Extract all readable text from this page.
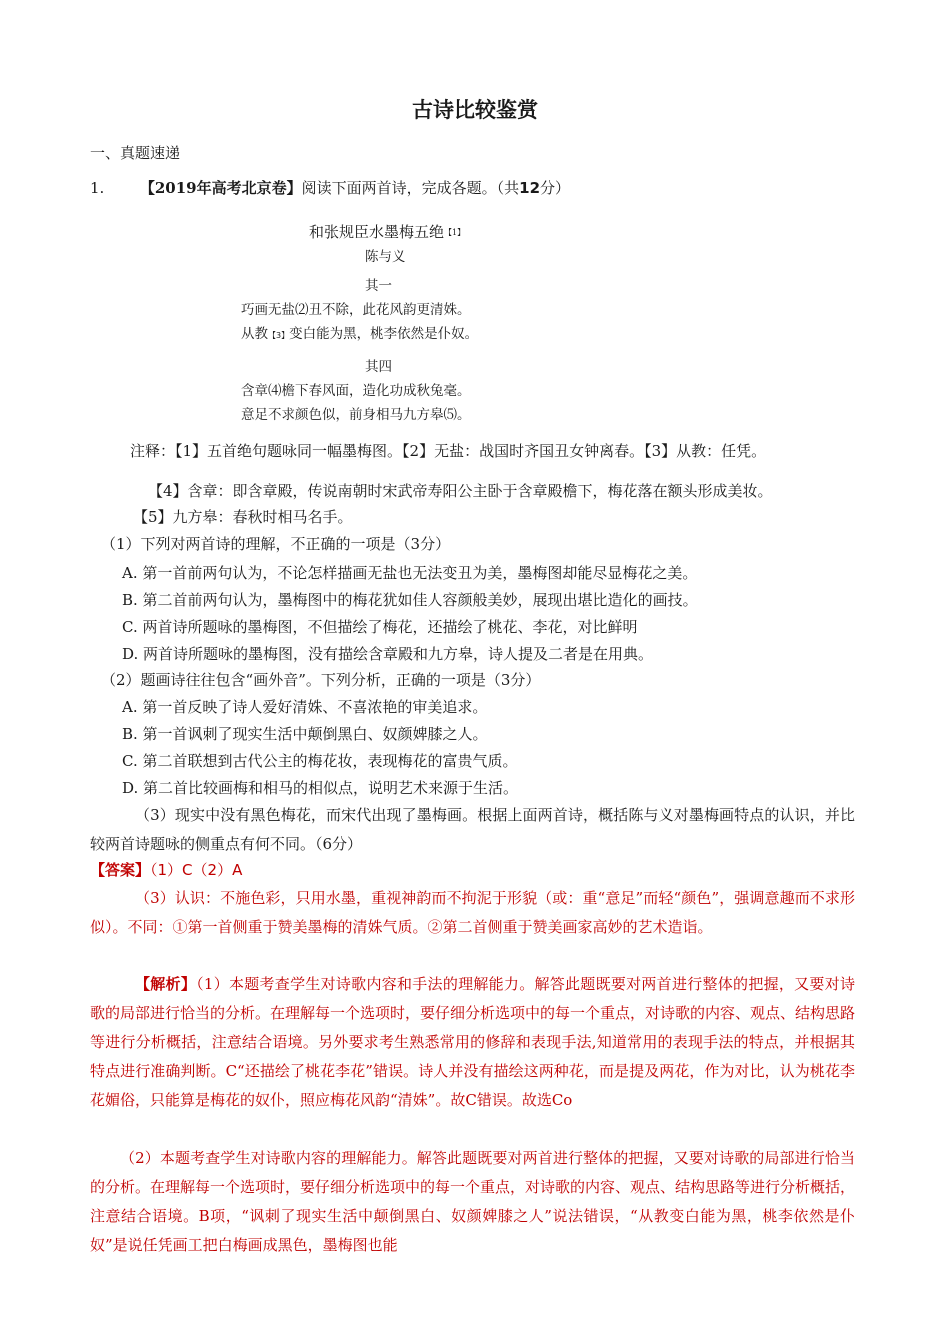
古诗比较鉴赏
一、真题速递
1. 【2019年高考北京卷】阅读下面两首诗，完成各题。（共12分）
和张规臣水墨梅五绝【1】
陈与义
其一
巧画无盐⑵丑不除，此花风韵更清姝。
从教【3】变白能为黑，桃李依然是仆奴。
其四
含章⑷檐下春风面，造化功成秋兔毫。
意足不求颜色似，前身相马九方皋⑸。
注释：【1】五首绝句题咏同一幅墨梅图。【2】无盐：战国时齐国丑女钟离春。【3】从教：任凭。
【4】含章：即含章殿，传说南朝时宋武帝寿阳公主卧于含章殿檐下，梅花落在额头形成美妆。
【5】九方皋：春秋时相马名手。
（1）下列对两首诗的理解，不正确的一项是（3分）
A. 第一首前两句认为，不论怎样描画无盐也无法变丑为美，墨梅图却能尽显梅花之美。
B. 第二首前两句认为，墨梅图中的梅花犹如佳人容颜般美妙，展现出堪比造化的画技。
C. 两首诗所题咏的墨梅图，不但描绘了梅花，还描绘了桃花、李花，对比鲜明
D. 两首诗所题咏的墨梅图，没有描绘含章殿和九方皋，诗人提及二者是在用典。
（2）题画诗往往包含“画外音”。下列分析，正确的一项是（3分）
A. 第一首反映了诗人爱好清姝、不喜浓艳的审美追求。
B. 第一首讽刺了现实生活中颠倒黑白、奴颜婢膝之人。
C. 第二首联想到古代公主的梅花妆，表现梅花的富贵气质。
D. 第二首比较画梅和相马的相似点，说明艺术来源于生活。
（3）现实中没有黑色梅花，而宋代出现了墨梅画。根据上面两首诗，概括陈与义对墨梅画特点的认识，并比较两首诗题咏的侧重点有何不同。（6分）
【答案】（1）C（2）A
（3）认识：不施色彩，只用水墨，重视神韵而不拘泥于形貌（或：重“意足”而轻“颜色”，强调意趣而不求形似）。不同：①第一首侧重于赞美墨梅的清姝气质。②第二首侧重于赞美画家高妙的艺术造诣。
【解析】（1）本题考查学生对诗歌内容和手法的理解能力。解答此题既要对两首进行整体的把握，又要对诗歌的局部进行恰当的分析。在理解每一个选项时，要仔细分析选项中的每一个重点，对诗歌的内容、观点、结构思路等进行分析概括，注意结合语境。另外要求考生熟悉常用的修辞和表现手法,知道常用的表现手法的特点，并根据其特点进行准确判断。C“还描绘了桃花李花”错误。诗人并没有描绘这两种花，而是提及两花，作为对比，认为桃花李花媚俗，只能算是梅花的奴仆，照应梅花风韵“清姝”。故C错误。故选Co
（2）本题考查学生对诗歌内容的理解能力。解答此题既要对两首进行整体的把握，又要对诗歌的局部进行恰当的分析。在理解每一个选项时，要仔细分析选项中的每一个重点，对诗歌的内容、观点、结构思路等进行分析概括，注意结合语境。B项，“讽刺了现实生活中颠倒黑白、奴颜婢膝之人”说法错误，“从教变白能为黑，桃李依然是仆奴”是说任凭画工把白梅画成黑色，墨梅图也能
